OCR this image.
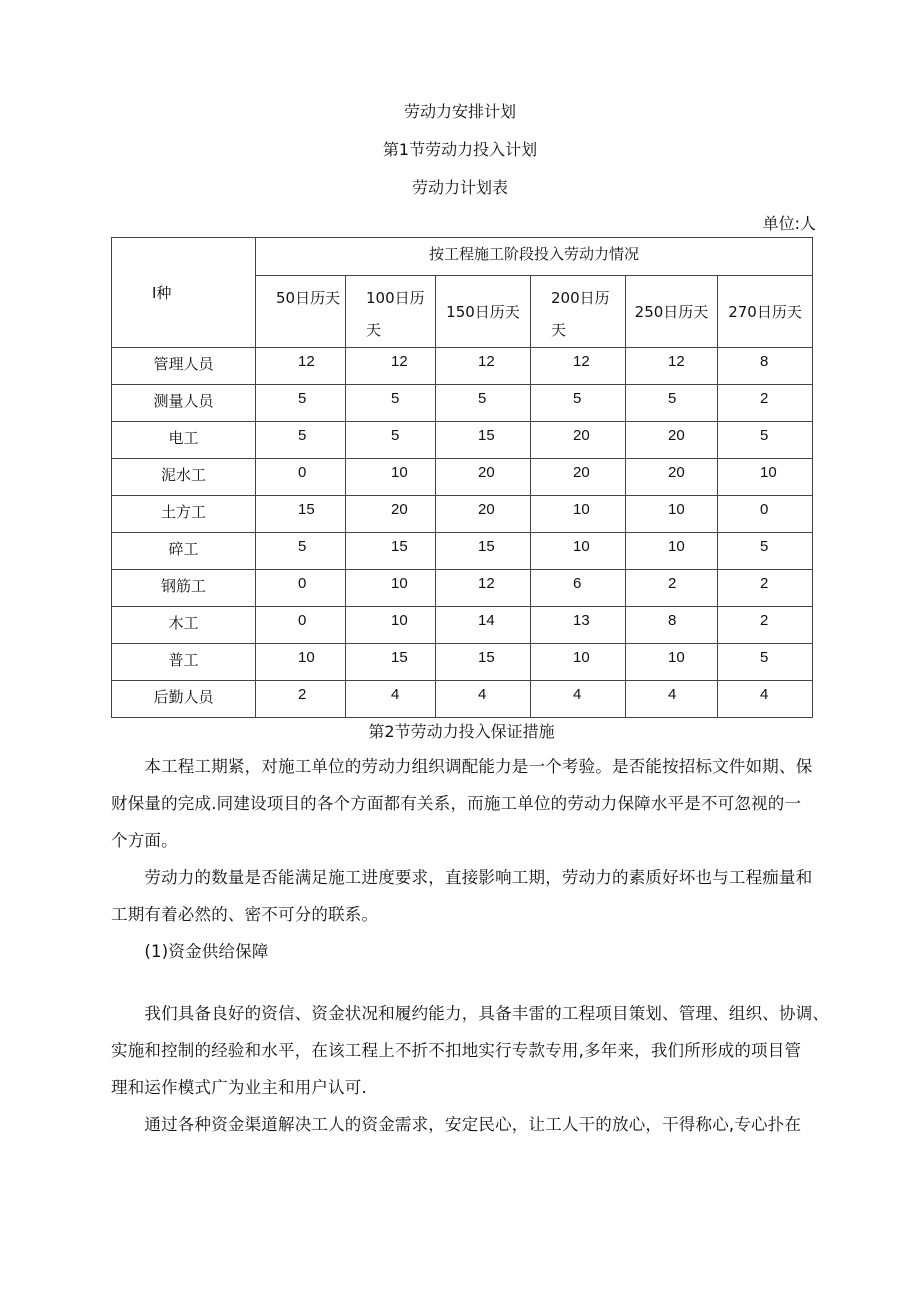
劳动力安排计划
第1节劳动力投入计划
劳动力计划表
单位:人
I种	按工程施工阶段投入劳动力情况					
	50日历天	100日历天	150日历天	200日历天	250日历天	270日历天
管理人员	12	12	12	12	12	8
测量人员	5	5	5	5	5	2
电工	5	5	15	20	20	5
泥水工	0	10	20	20	20	10
土方工	15	20	20	10	10	0
碎工	5	15	15	10	10	5
钢筋工	0	10	12	6	2	2
木工	0	10	14	13	8	2
普工	10	15	15	10	10	5
后勤人员	2	4	4	4	4	4
第2节劳动力投入保证措施
　　本工程工期紧，对施工单位的劳动力组织调配能力是一个考验。是否能按招标文件如期、保
财保量的完成.同建设项目的各个方面都有关系，而施工单位的劳动力保障水平是不可忽视的一
个方面。
　　劳动力的数量是否能满足施工进度要求，直接影响工期，劳动力的素质好坏也与工程痂量和
工期有着必然的、密不可分的联系。
　　(1)资金供给保障
　　我们具备良好的资信、资金状况和履约能力，具备丰雷的工程项目策划、管理、组织、协调、
实施和控制的经验和水平，在该工程上不折不扣地实行专款专用,多年来，我们所形成的项目管
理和运作模式广为业主和用户认可.
　　通过各种资金渠道解决工人的资金需求，安定民心，让工人干的放心，干得称心,专心扑在
